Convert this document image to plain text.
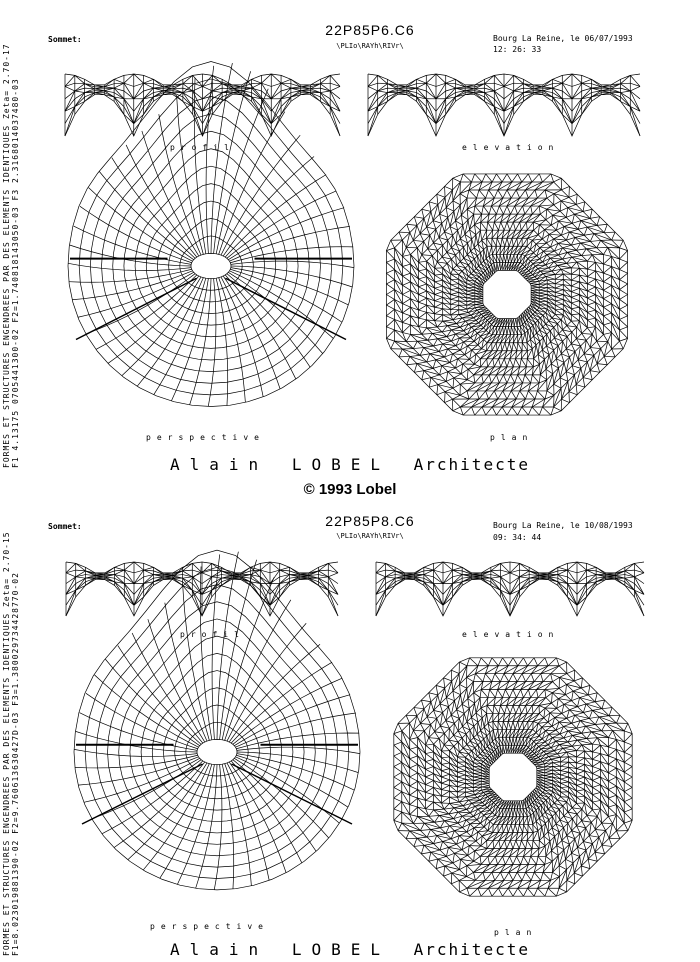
FORMES ET STRUCTURES ENGENDREES PAR DES ELEMENTS IDENTIQUES Zeta= 2.70-17 F1 4.13175 0705441300-02 F2=1.740818143050-03 F3 2.3168014037480-03
Sommet:
22P85P6.C6
\PLIo\RAYh\RIVr\
Bourg La Reine, le 06/07/1993
12: 26: 33
profil	elevation
perspective	plan
Alain LOBEL Architecte
© 1993 Lobel
FORMES ET STRUCTURES ENGENDREES PAR DES ELEMENTS IDENTIQUES Zeta= 2.70-15 F1=8.023019881390-02 F2=9.760613630427D-03 F3=1.380029734428770-02
Sommet:	22P85P8.C6
\PLIo\RAYh\RIVr\
Bourg La Reine, le 10/08/1993
09: 34: 44
profil	elevation
perspective
plan
Alain LOBEL Architecte
